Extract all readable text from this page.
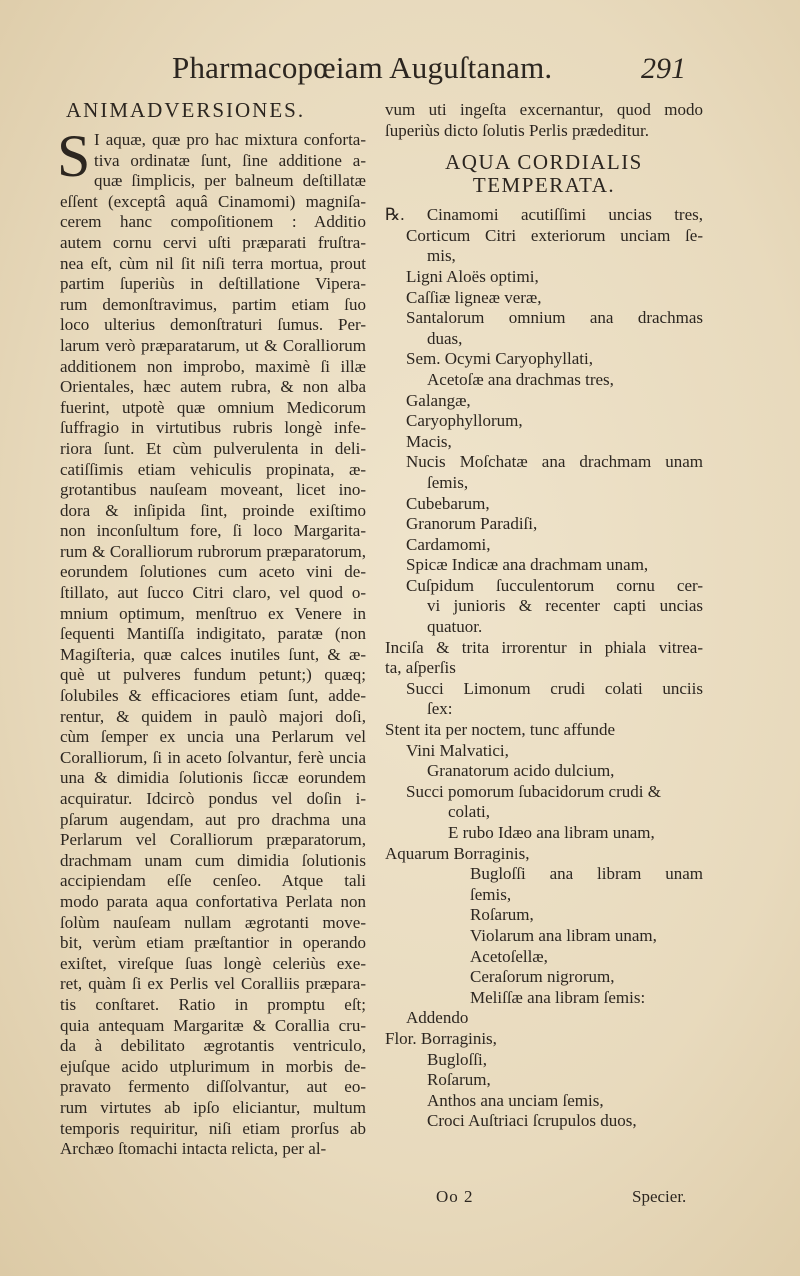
Pharmacopœiam Auguſtanam.	291
ANIMADVERSIONES.
S I aquæ, quæ pro hac mixtura conforta-
tiva ordinatæ ſunt, ſine additione a-
quæ ſimplicis, per balneum deſtillatæ
eſſent (exceptâ aquâ Cinamomi) magniſa-
cerem hanc compoſitionem : Additio
autem cornu cervi uſti præparati fruſtra-
nea eſt, cùm nil ſit niſi terra mortua, prout
partim ſuperiùs in deſtillatione Vipera-
rum demonſtravimus, partim etiam ſuo
loco ulterius demonſtraturi ſumus. Per-
larum verò præparatarum, ut & Coralliorum
additionem non improbo, maximè ſi illæ
Orientales, hæc autem rubra, & non alba
fuerint, utpotè quæ omnium Medicorum
ſuffragio in virtutibus rubris longè infe-
riora ſunt. Et cùm pulverulenta in deli-
catiſſimis etiam vehiculis propinata, æ-
grotantibus nauſeam moveant, licet ino-
dora & inſipida ſint, proinde exiſtimo
non inconſultum fore, ſi loco Margarita-
rum & Coralliorum rubrorum præparatorum,
eorundem ſolutiones cum aceto vini de-
ſtillato, aut ſucco Citri claro, vel quod o-
mnium optimum, menſtruo ex Venere in
ſequenti Mantiſſa indigitato, paratæ (non
Magiſteria, quæ calces inutiles ſunt, & æ-
què ut pulveres fundum petunt;) quæq;
ſolubiles & efficaciores etiam ſunt, adde-
rentur, & quidem in paulò majori doſi,
cùm ſemper ex uncia una Perlarum vel
Coralliorum, ſi in aceto ſolvantur, ferè uncia
una & dimidia ſolutionis ſiccæ eorundem
acquiratur. Idcircò pondus vel doſin i-
pſarum augendam, aut pro drachma una
Perlarum vel Coralliorum præparatorum,
drachmam unam cum dimidia ſolutionis
accipiendam eſſe cenſeo. Atque tali
modo parata aqua confortativa Perlata non
ſolùm nauſeam nullam ægrotanti move-
bit, verùm etiam præſtantior in operando
exiſtet, vireſque ſuas longè celeriùs exe-
ret, quàm ſi ex Perlis vel Coralliis præpara-
tis conſtaret. Ratio in promptu eſt;
quia antequam Margaritæ & Corallia cru-
da à debilitato ægrotantis ventriculo,
ejuſque acido utplurimum in morbis de-
pravato fermento diſſolvantur, aut eo-
rum virtutes ab ipſo eliciantur, multum
temporis requiritur, niſi etiam prorſus ab
Archæo ſtomachi intacta relicta, per al-
vum uti ingeſta excernantur, quod modo
ſuperiùs dicto ſolutis Perlis prædeditur.
AQUA CORDIALIS
TEMPERATA.
℞. Cinamomi acutiſſimi uncias tres,
Corticum Citri exteriorum unciam ſe-
mis,
Ligni Aloës optimi,
Caſſiæ ligneæ veræ,
Santalorum omnium ana drachmas
duas,
Sem. Ocymi Caryophyllati,
Acetoſæ ana drachmas tres,
Galangæ,
Caryophyllorum,
Macis,
Nucis Moſchatæ ana drachmam unam
ſemis,
Cubebarum,
Granorum Paradiſi,
Cardamomi,
Spicæ Indicæ ana drachmam unam,
Cuſpidum ſucculentorum cornu cer-
vi junioris & recenter capti uncias
quatuor.
Inciſa & trita irrorentur in phiala vitrea-
ta, aſperſis
Succi Limonum crudi colati unciis
ſex:
Stent ita per noctem, tunc affunde
Vini Malvatici,
Granatorum acido dulcium,
Succi pomorum ſubacidorum crudi &
colati,
E rubo Idæo ana libram unam,
Aquarum Borraginis,
Bugloſſi ana libram unam
ſemis,
Roſarum,
Violarum ana libram unam,
Acetoſellæ,
Ceraſorum nigrorum,
Meliſſæ ana libram ſemis:
Addendo
Flor. Borraginis,
Bugloſſi,
Roſarum,
Anthos ana unciam ſemis,
Croci Auſtriaci ſcrupulos duos,
Oo 2	Specier.
